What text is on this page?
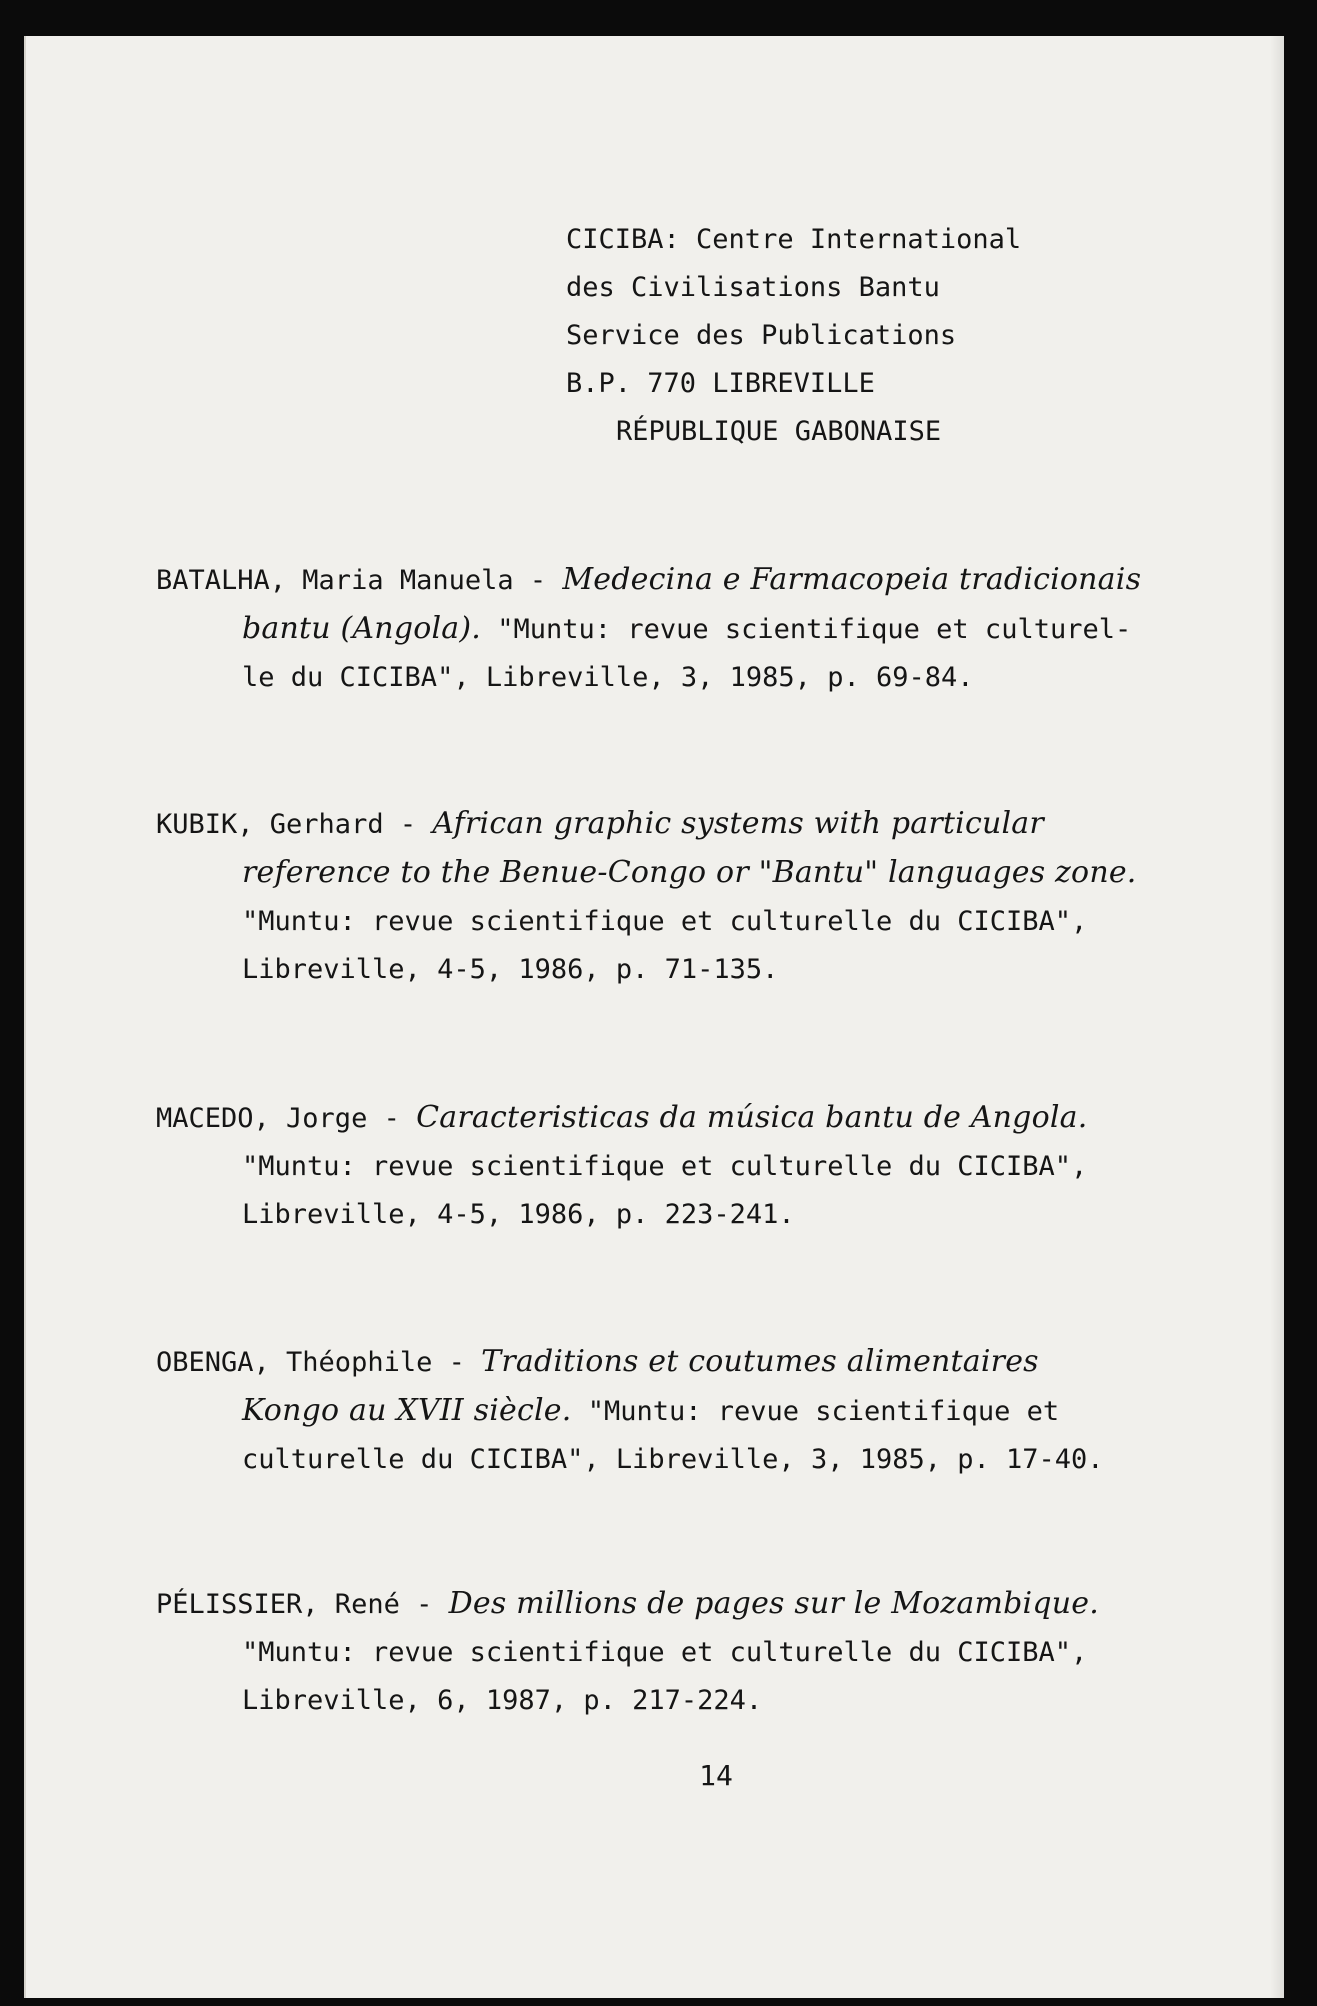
CICIBA: Centre International
des Civilisations Bantu
Service des Publications
B.P. 770 LIBREVILLE
RÉPUBLIQUE GABONAISE

BATALHA, Maria Manuela - Medecina e Farmacopeia tradicionais

bantu (Angola). "Muntu: revue scientifique et culturel-

le du CICIBA", Libreville, 3, 1985, p. 69-84.

KUBIK, Gerhard - African graphic systems with particular

reference to the Benue-Congo or "Bantu" languages zone.

"Muntu: revue scientifique et culturelle du CICIBA",

Libreville, 4-5, 1986, p. 71-135.

MACEDO, Jorge - Caracteristicas da música bantu de Angola.

"Muntu: revue scientifique et culturelle du CICIBA",

Libreville, 4-5, 1986, p. 223-241.

OBENGA, Théophile - Traditions et coutumes alimentaires

Kongo au XVII siècle. "Muntu: revue scientifique et

culturelle du CICIBA", Libreville, 3, 1985, p. 17-40.

PÉLISSIER, René - Des millions de pages sur le Mozambique.

"Muntu: revue scientifique et culturelle du CICIBA",

Libreville, 6, 1987, p. 217-224.

14
